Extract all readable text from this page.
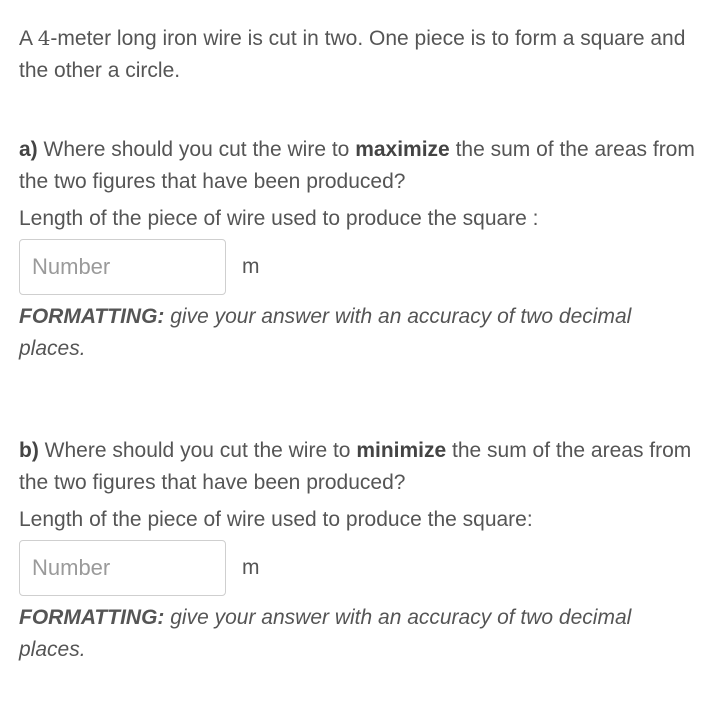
A 4-meter long iron wire is cut in two. One piece is to form a square and the other a circle.

a) Where should you cut the wire to maximize the sum of the areas from the two figures that have been produced?

Length of the piece of wire used to produce the square :
Number
m
FORMATTING: give your answer with an accuracy of two decimal places.

b) Where should you cut the wire to minimize the sum of the areas from the two figures that have been produced?

Length of the piece of wire used to produce the square:
Number
m
FORMATTING: give your answer with an accuracy of two decimal places.
